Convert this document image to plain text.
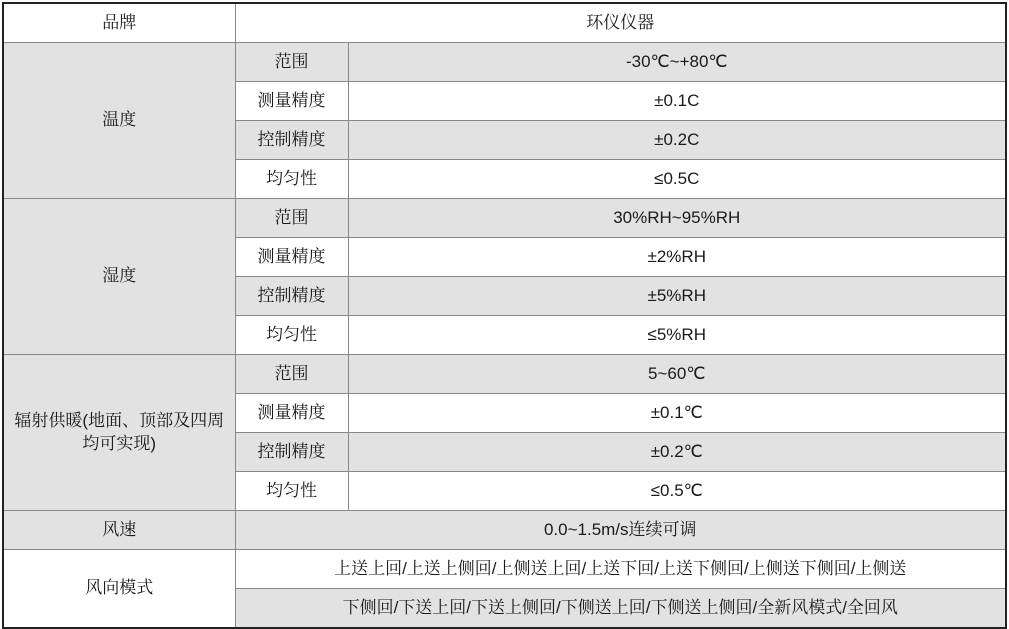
品牌	环仪仪器	
温度	范围	-30℃~+80℃
	测量精度	±0.1C
	控制精度	±0.2C
	均匀性	≤0.5C
湿度	范围	30%RH~95%RH
	测量精度	±2%RH
	控制精度	±5%RH
	均匀性	≤5%RH
辐射供暖(地面、顶部及四周均可实现)	范围	5~60℃
	测量精度	±0.1℃
	控制精度	±0.2℃
	均匀性	≤0.5℃
风速	0.0~1.5m/s连续可调	
风向模式	上送上回/上送上侧回/上侧送上回/上送下回/上送下侧回/上侧送下侧回/上侧送	
	下侧回/下送上回/下送上侧回/下侧送上回/下侧送上侧回/全新风模式/全回风	
